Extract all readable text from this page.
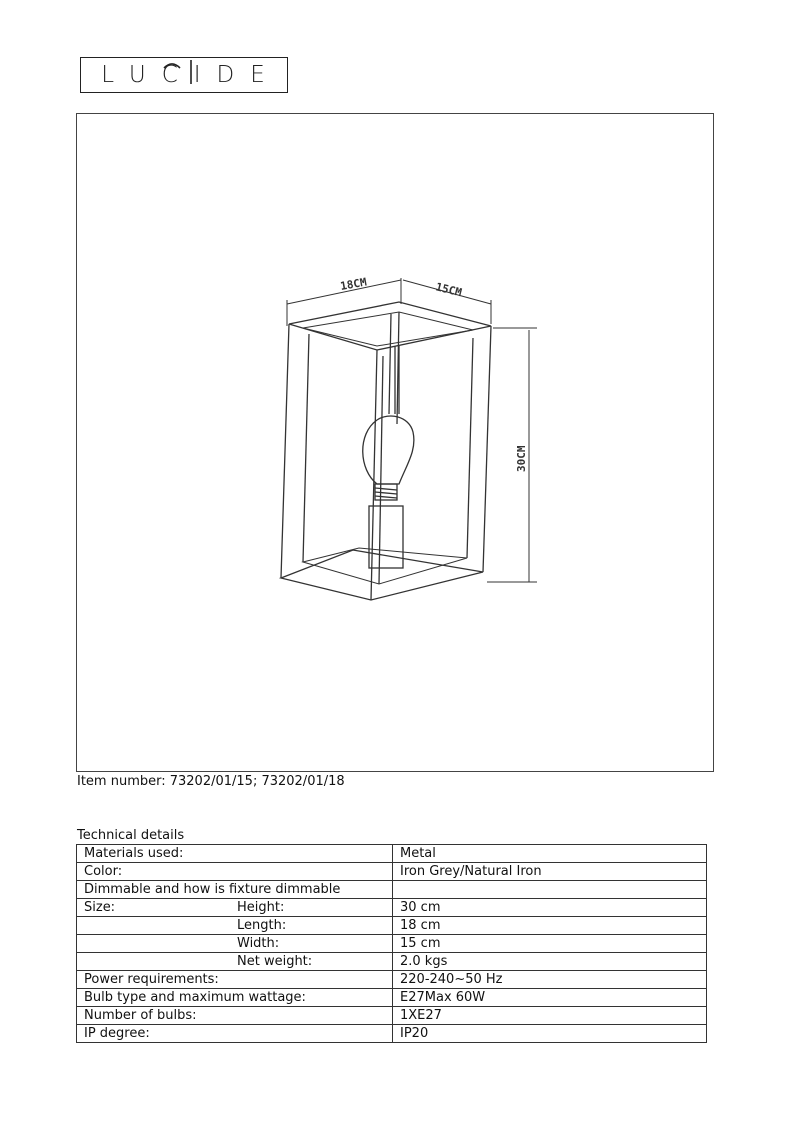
LUCIDE
18CM	15CM
30CM
Item number: 73202/01/15; 73202/01/18
Technical details
Materials used:	Metal
Color:	Iron Grey/Natural Iron
Dimmable and how is fixture dimmable	
Size: Height:	30 cm
Length:	18 cm
Width:	15 cm
Net weight:	2.0 kgs
Power requirements:	220-240~50 Hz
Bulb type and maximum wattage:	E27Max 60W
Number of bulbs:	1XE27
IP degree:	IP20
